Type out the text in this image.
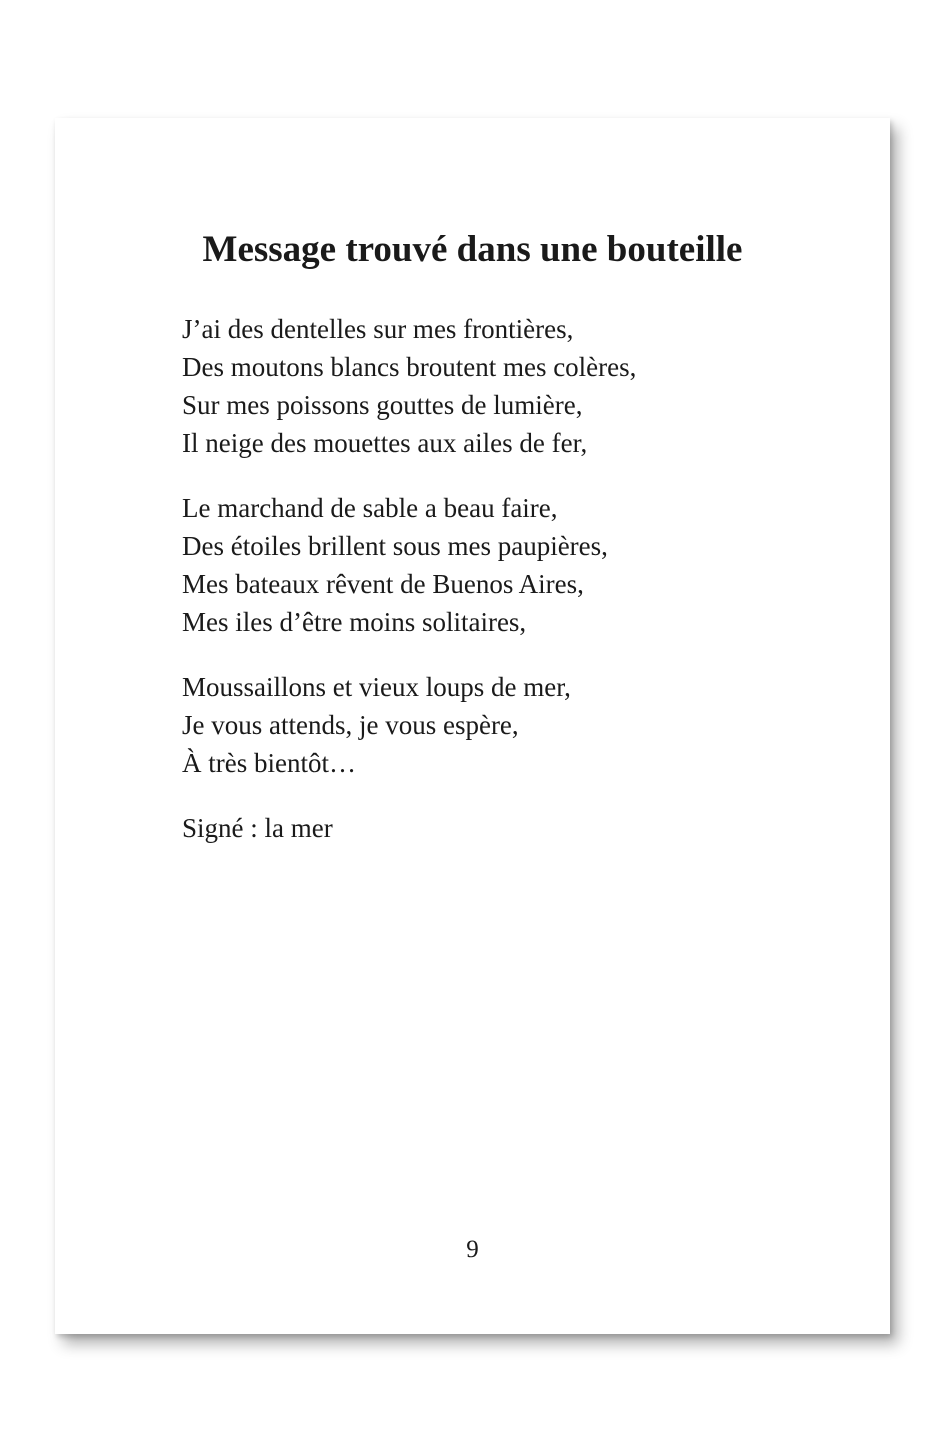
Message trouvé dans une bouteille
J’ai des dentelles sur mes frontières,
Des moutons blancs broutent mes colères,
Sur mes poissons gouttes de lumière,
Il neige des mouettes aux ailes de fer,
Le marchand de sable a beau faire,
Des étoiles brillent sous mes paupières,
Mes bateaux rêvent de Buenos Aires,
Mes iles d’être moins solitaires,
Moussaillons et vieux loups de mer,
Je vous attends, je vous espère,
À très bientôt…

Signé : la mer

9
